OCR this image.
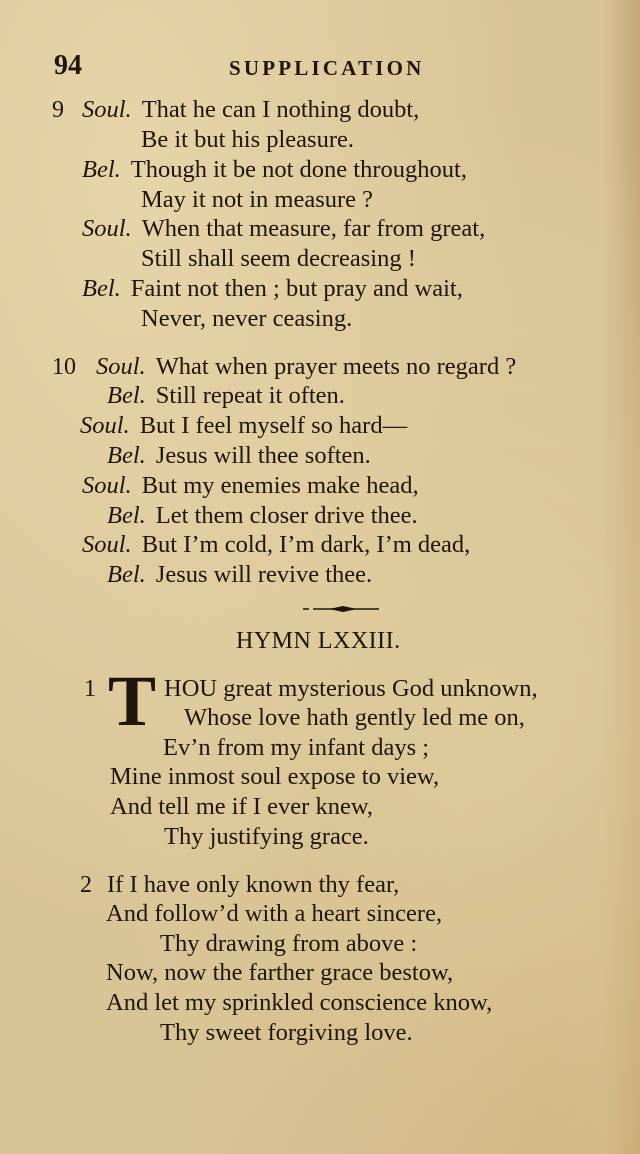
94	SUPPLICATION
9 Soul. That he can I nothing doubt,
Be it but his pleasure.
Bel. Though it be not done throughout,
May it not in measure ?
Soul. When that measure, far from great,
Still shall seem decreasing !
Bel. Faint not then ; but pray and wait,
Never, never ceasing.
10 Soul. What when prayer meets no regard ?
Bel. Still repeat it often.
Soul. But I feel myself so hard—
Bel. Jesus will thee soften.
Soul. But my enemies make head,
Bel. Let them closer drive thee.
Soul. But I’m cold, I’m dark, I’m dead,
Bel. Jesus will revive thee.
HYMN LXXIII.
1 T HOU great mysterious God unknown,
Whose love hath gently led me on,
Ev’n from my infant days ;
Mine inmost soul expose to view,
And tell me if I ever knew,
Thy justifying grace.
2 If I have only known thy fear,
And follow’d with a heart sincere,
Thy drawing from above :
Now, now the farther grace bestow,
And let my sprinkled conscience know,
Thy sweet forgiving love.
